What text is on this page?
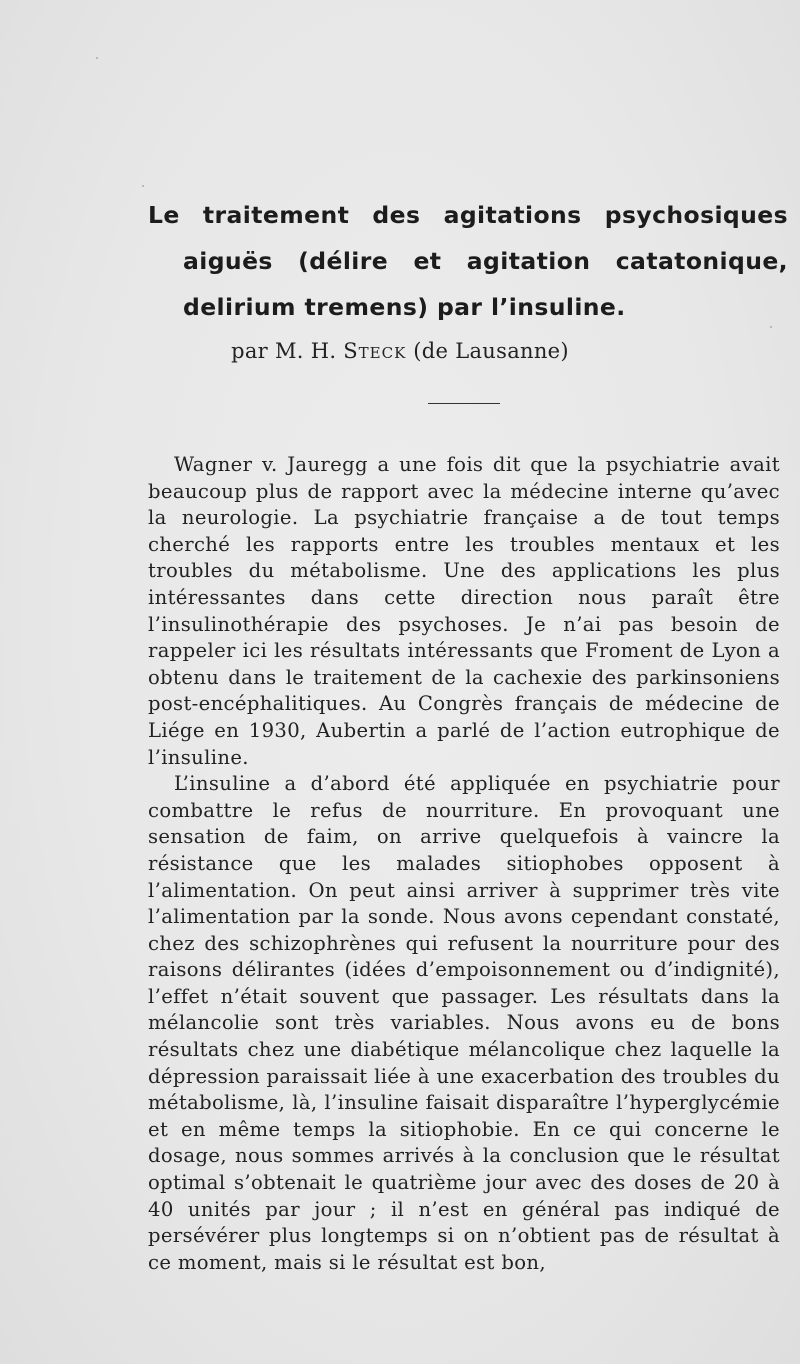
Le traitement des agitations psychosiques aiguës (délire et agitation catatonique, delirium tremens) par l’insuline.
par M. H. Steck (de Lausanne)

Wagner v. Jauregg a une fois dit que la psychiatrie avait beaucoup plus de rapport avec la médecine interne qu’avec la neurologie. La psychiatrie française a de tout temps cherché les rapports entre les troubles mentaux et les troubles du métabolisme. Une des applications les plus intéressantes dans cette direction nous paraît être l’insulinothérapie des psychoses. Je n’ai pas besoin de rappeler ici les résultats intéressants que Froment de Lyon a obtenu dans le traitement de la cachexie des parkinsoniens post-encéphalitiques. Au Congrès français de médecine de Liége en 1930, Aubertin a parlé de l’action eutrophique de l’insuline.

L’insuline a d’abord été appliquée en psychiatrie pour combattre le refus de nourriture. En provoquant une sensation de faim, on arrive quelquefois à vaincre la résistance que les malades sitiophobes opposent à l’alimentation. On peut ainsi arriver à supprimer très vite l’alimentation par la sonde. Nous avons cependant constaté, chez des schizophrènes qui refusent la nourriture pour des raisons délirantes (idées d’empoisonnement ou d’indignité), l’effet n’était souvent que passager. Les résultats dans la mélancolie sont très variables. Nous avons eu de bons résultats chez une diabétique mélancolique chez laquelle la dépression paraissait liée à une exacerbation des troubles du métabolisme, là, l’insuline faisait disparaître l’hyperglycémie et en même temps la sitiophobie. En ce qui concerne le dosage, nous sommes arrivés à la conclusion que le résultat optimal s’obtenait le quatrième jour avec des doses de 20 à 40 unités par jour ; il n’est en général pas indiqué de persévérer plus longtemps si on n’obtient pas de résultat à ce moment, mais si le résultat est bon,
